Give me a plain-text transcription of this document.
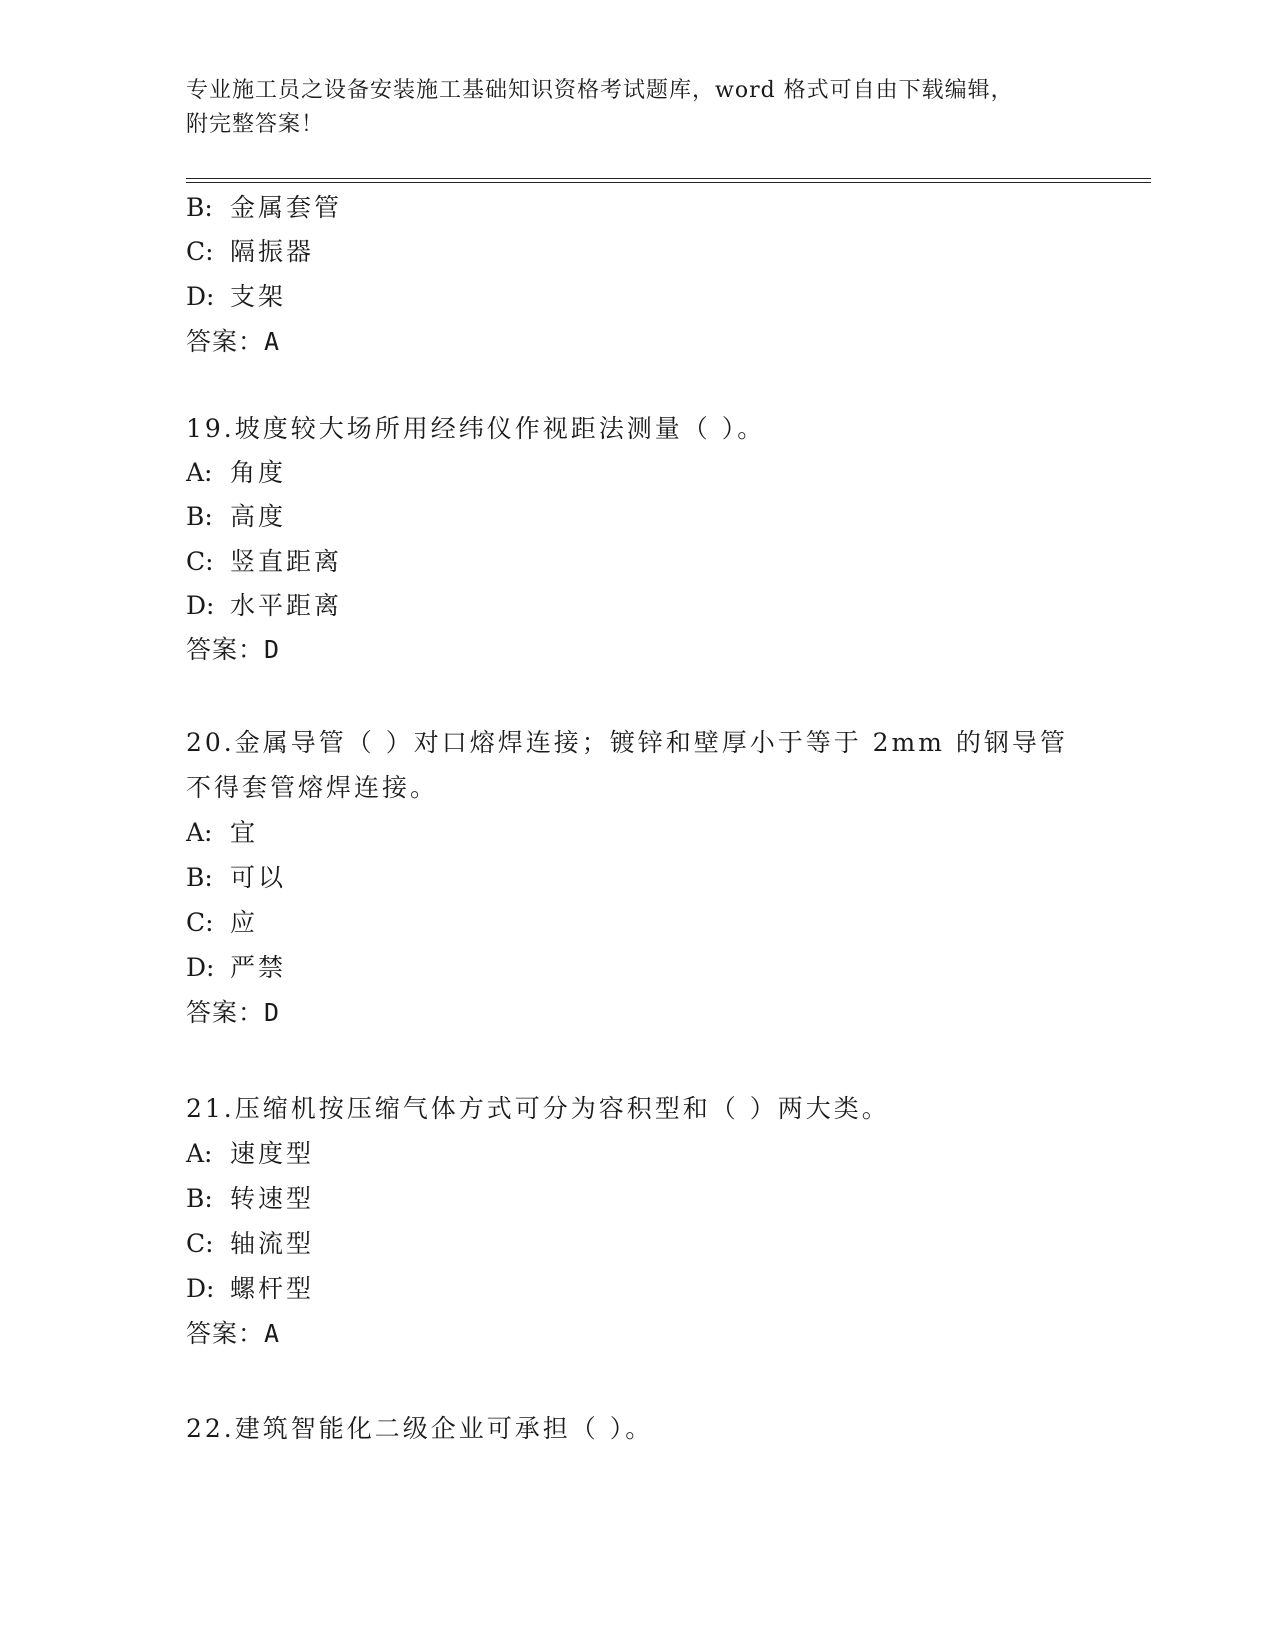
专业施工员之设备安装施工基础知识资格考试题库，word 格式可自由下载编辑，
附完整答案！
B: 金属套管
C: 隔振器
D: 支架
答案：A
19.坡度较大场所用经纬仪作视距法测量（ ）。
A: 角度
B: 高度
C: 竖直距离
D: 水平距离
答案：D
20.金属导管（ ）对口熔焊连接；镀锌和壁厚小于等于 2mm 的钢导管
不得套管熔焊连接。
A: 宜
B: 可以
C: 应
D: 严禁
答案：D
21.压缩机按压缩气体方式可分为容积型和（ ）两大类。
A: 速度型
B: 转速型
C: 轴流型
D: 螺杆型
答案：A
22.建筑智能化二级企业可承担（ ）。
